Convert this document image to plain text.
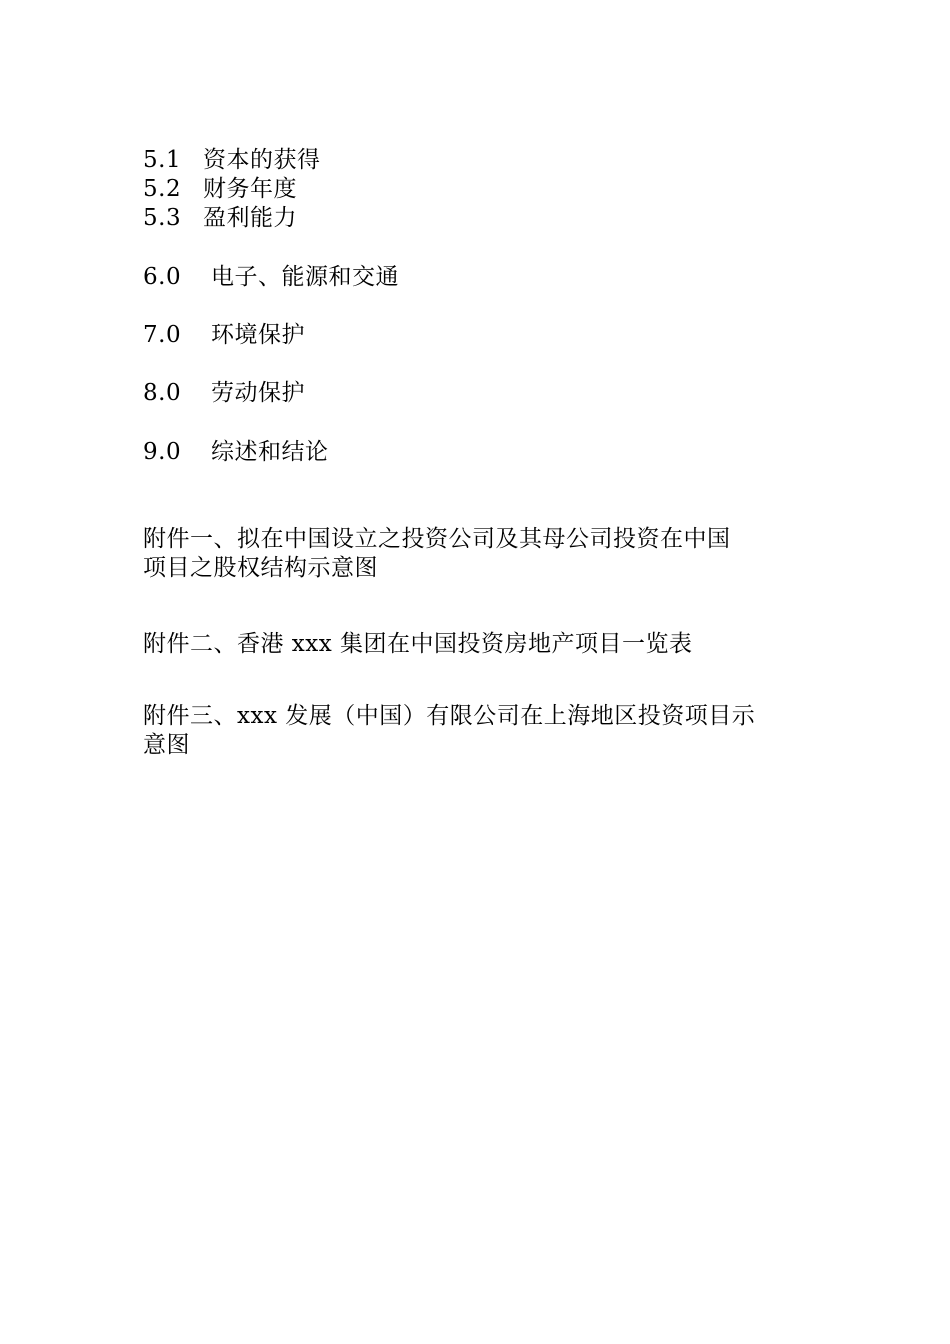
5.1 资本的获得
5.2 财务年度
5.3 盈利能力
6.0 电子、能源和交通
7.0 环境保护
8.0 劳动保护
9.0 综述和结论
附件一、拟在中国设立之投资公司及其母公司投资在中国
项目之股权结构示意图
附件二、香港 xxx 集团在中国投资房地产项目一览表
附件三、xxx 发展（中国）有限公司在上海地区投资项目示
意图
